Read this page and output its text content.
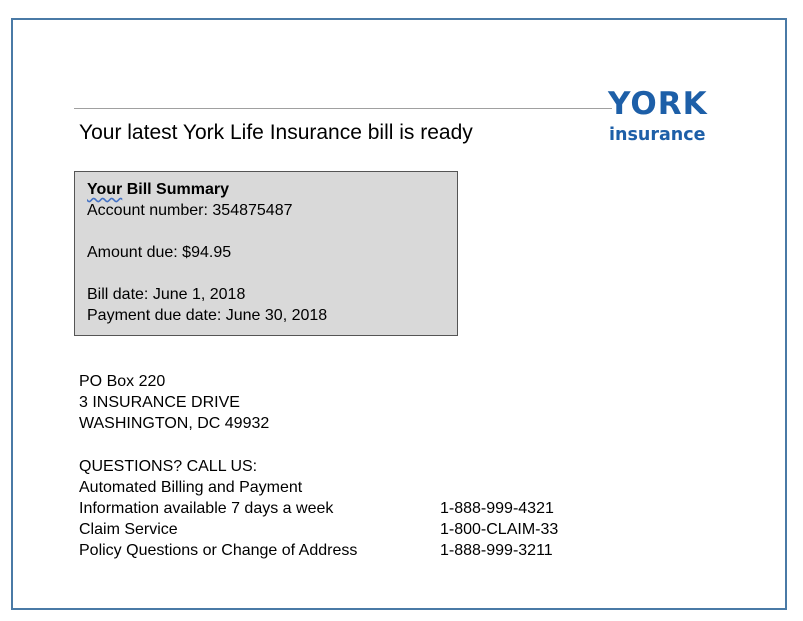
YORK
insurance
Your latest York Life Insurance bill is ready
Your Bill Summary
Account number: 354875487
Amount due: $94.95
Bill date: June 1, 2018
Payment due date: June 30, 2018
PO Box 220
3 INSURANCE DRIVE
WASHINGTON, DC 49932
QUESTIONS? CALL US:
Automated Billing and Payment
Information available 7 days a week	1-888-999-4321
Claim Service	1-800-CLAIM-33
Policy Questions or Change of Address	1-888-999-3211
